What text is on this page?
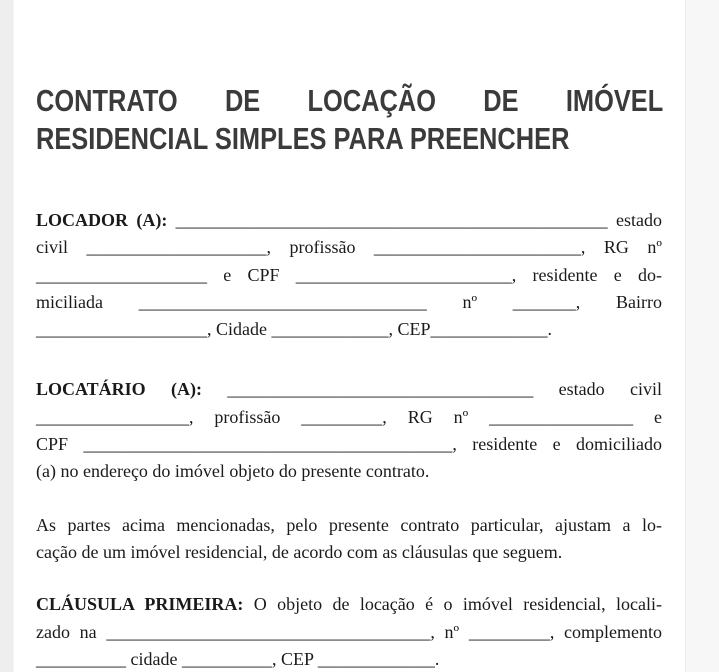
CONTRATO DE LOCAÇÃO DE IMÓVEL
RESIDENCIAL SIMPLES PARA PREENCHER
LOCADOR (A): ________________________________________________ estado
civil ____________________, profissão _______________________, RG nº
___________________ e CPF ________________________, residente e do-
miciliada ________________________________ nº _______, Bairro
___________________, Cidade _____________, CEP_____________.
LOCATÁRIO (A): __________________________________ estado civil
_________________, profissão _________, RG nº ________________ e
CPF _________________________________________, residente e domiciliado
(a) no endereço do imóvel objeto do presente contrato.
As partes acima mencionadas, pelo presente contrato particular, ajustam a lo-
cação de um imóvel residencial, de acordo com as cláusulas que seguem.
CLÁUSULA PRIMEIRA: O objeto de locação é o imóvel residencial, locali-
zado na ____________________________________, nº _________, complemento
__________ cidade __________, CEP _____________.
